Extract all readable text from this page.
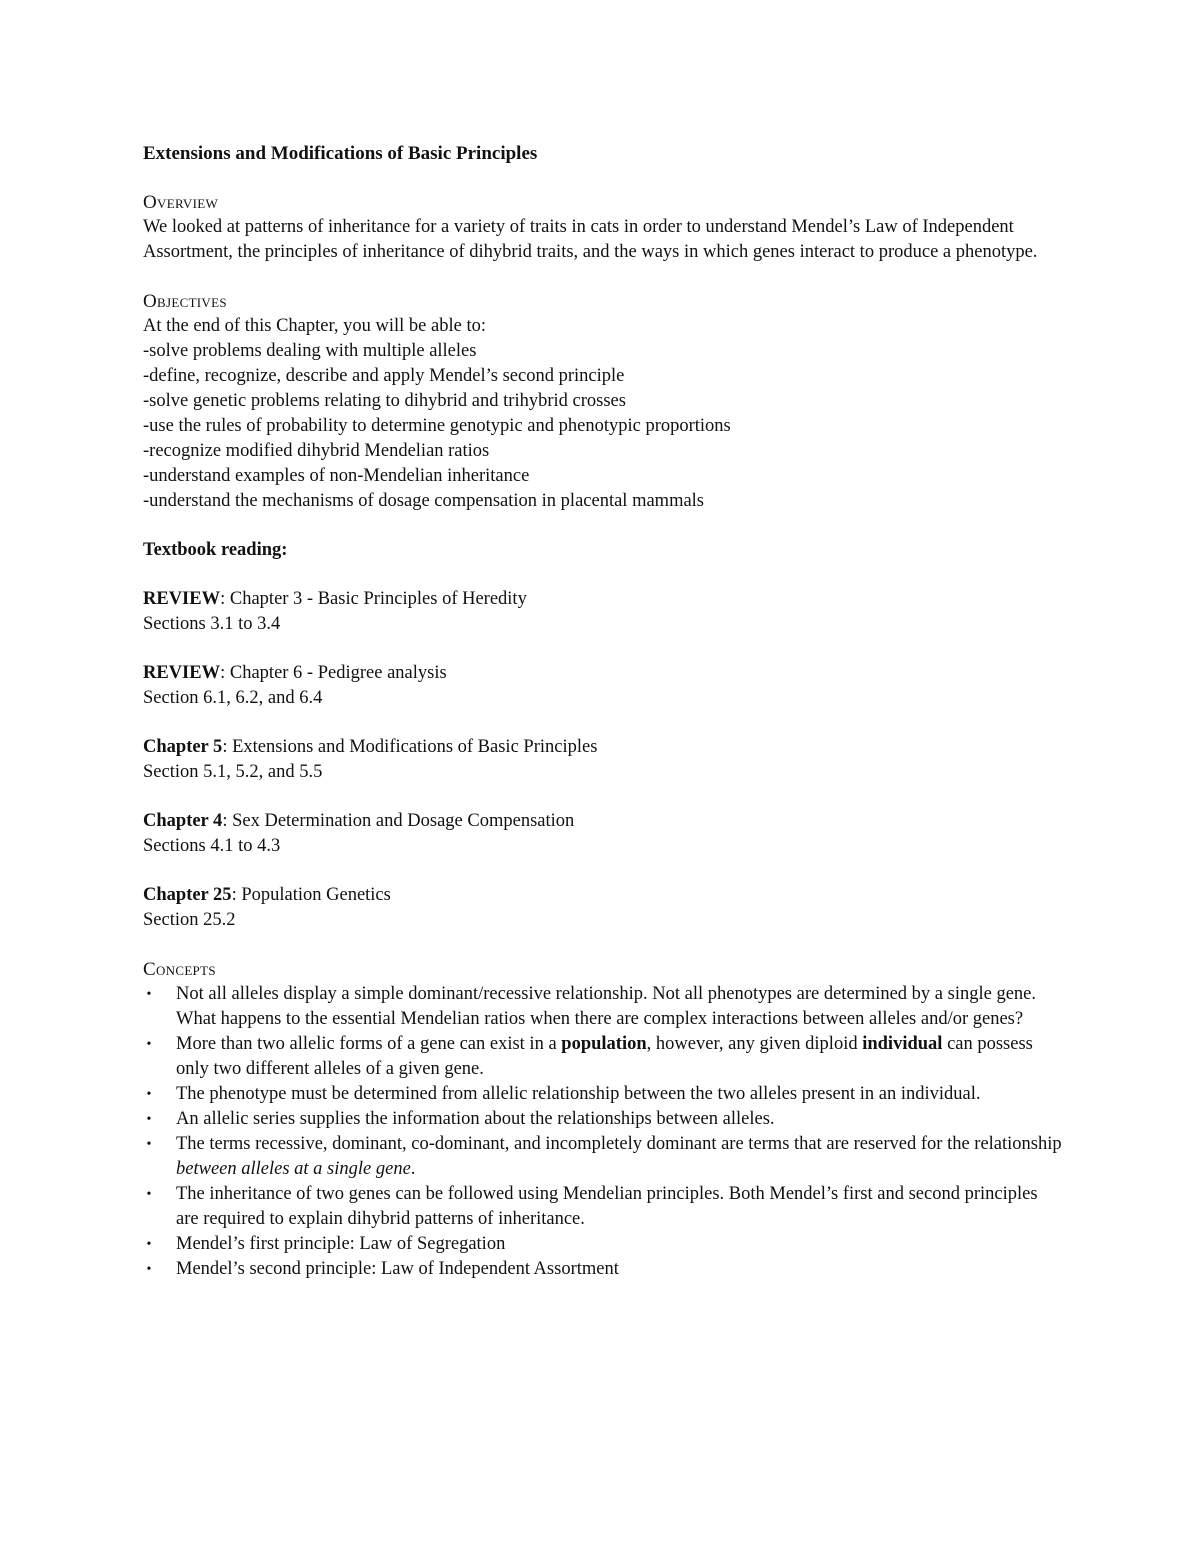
Extensions and Modifications of Basic Principles

Overview

We looked at patterns of inheritance for a variety of traits in cats in order to understand Mendel’s Law of Independent Assortment, the principles of inheritance of dihybrid traits, and the ways in which genes interact to produce a phenotype.

Objectives

At the end of this Chapter, you will be able to:

-solve problems dealing with multiple alleles

-define, recognize, describe and apply Mendel’s second principle

-solve genetic problems relating to dihybrid and trihybrid crosses

-use the rules of probability to determine genotypic and phenotypic proportions

-recognize modified dihybrid Mendelian ratios

-understand examples of non-Mendelian inheritance

-understand the mechanisms of dosage compensation in placental mammals

Textbook reading:

REVIEW: Chapter 3 - Basic Principles of Heredity

Sections 3.1 to 3.4

REVIEW: Chapter 6 - Pedigree analysis

Section 6.1, 6.2, and 6.4

Chapter 5: Extensions and Modifications of Basic Principles

Section 5.1, 5.2, and 5.5

Chapter 4: Sex Determination and Dosage Compensation

Sections 4.1 to 4.3

Chapter 25: Population Genetics

Section 25.2

Concepts

• Not all alleles display a simple dominant/recessive relationship. Not all phenotypes are determined by a single gene. What happens to the essential Mendelian ratios when there are complex interactions between alleles and/or genes?
• More than two allelic forms of a gene can exist in a population, however, any given diploid individual can possess only two different alleles of a given gene.
• The phenotype must be determined from allelic relationship between the two alleles present in an individual.
• An allelic series supplies the information about the relationships between alleles.
• The terms recessive, dominant, co-dominant, and incompletely dominant are terms that are reserved for the relationship between alleles at a single gene.
• The inheritance of two genes can be followed using Mendelian principles. Both Mendel’s first and second principles are required to explain dihybrid patterns of inheritance.
• Mendel’s first principle: Law of Segregation
• Mendel’s second principle: Law of Independent Assortment
